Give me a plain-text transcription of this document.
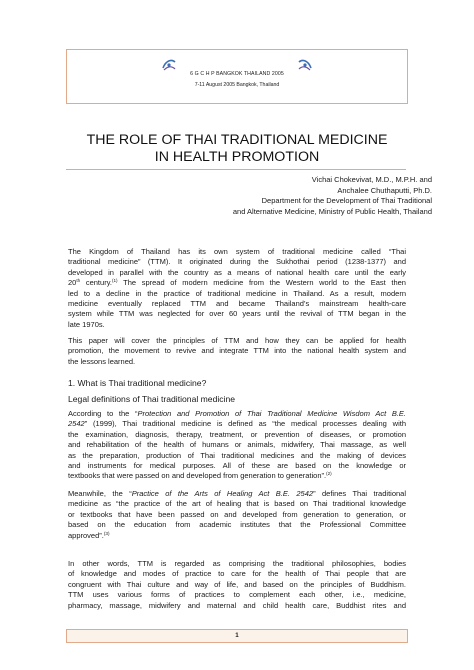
6 G C H P BANGKOK THAILAND 2005
7-11 August 2005 Bangkok, Thailand
THE ROLE OF THAI TRADITIONAL MEDICINE
IN HEALTH PROMOTION
Vichai Chokevivat, M.D., M.P.H. and
Anchalee Chuthaputti, Ph.D.
Department for the Development of Thai Traditional
and Alternative Medicine, Ministry of Public Health, Thailand
The Kingdom of Thailand has its own system of traditional medicine called “Thai
traditional medicine” (TTM). It originated during the Sukhothai period (1238-1377) and
developed in parallel with the country as a means of national health care until the early
20th century.$^{(1)}$ The spread of modern medicine from the Western world to the East then
led to a decline in the practice of traditional medicine in Thailand. As a result, modern
medicine eventually replaced TTM and became Thailand’s mainstream health-care
system while TTM was neglected for over 60 years until the revival of TTM began in the
late 1970s.
This paper will cover the principles of TTM and how they can be applied for health
promotion, the movement to revive and integrate TTM into the national health system and
the lessons learned.
1. What is Thai traditional medicine?
Legal definitions of Thai traditional medicine
According to the “Protection and Promotion of Thai Traditional Medicine Wisdom Act B.E.
2542” (1999), Thai traditional medicine is defined as “the medical processes dealing with
the examination, diagnosis, therapy, treatment, or prevention of diseases, or promotion
and rehabilitation of the health of humans or animals, midwifery, Thai massage, as well
as the preparation, production of Thai traditional medicines and the making of devices
and instruments for medical purposes. All of these are based on the knowledge or
textbooks that were passed on and developed from generation to generation”.$^{(2)}$
Meanwhile, the “Practice of the Arts of Healing Act B.E. 2542” defines Thai traditional
medicine as “the practice of the art of healing that is based on Thai traditional knowledge
or textbooks that have been passed on and developed from generation to generation, or
based on the education from academic institutes that the Professional Committee
approved”.$^{(3)}$
In other words, TTM is regarded as comprising the traditional philosophies, bodies
of knowledge and modes of practice to care for the health of Thai people that are
congruent with Thai culture and way of life, and based on the principles of Buddhism.
TTM uses various forms of practices to complement each other, i.e., medicine,
pharmacy, massage, midwifery and maternal and child health care, Buddhist rites and
1
